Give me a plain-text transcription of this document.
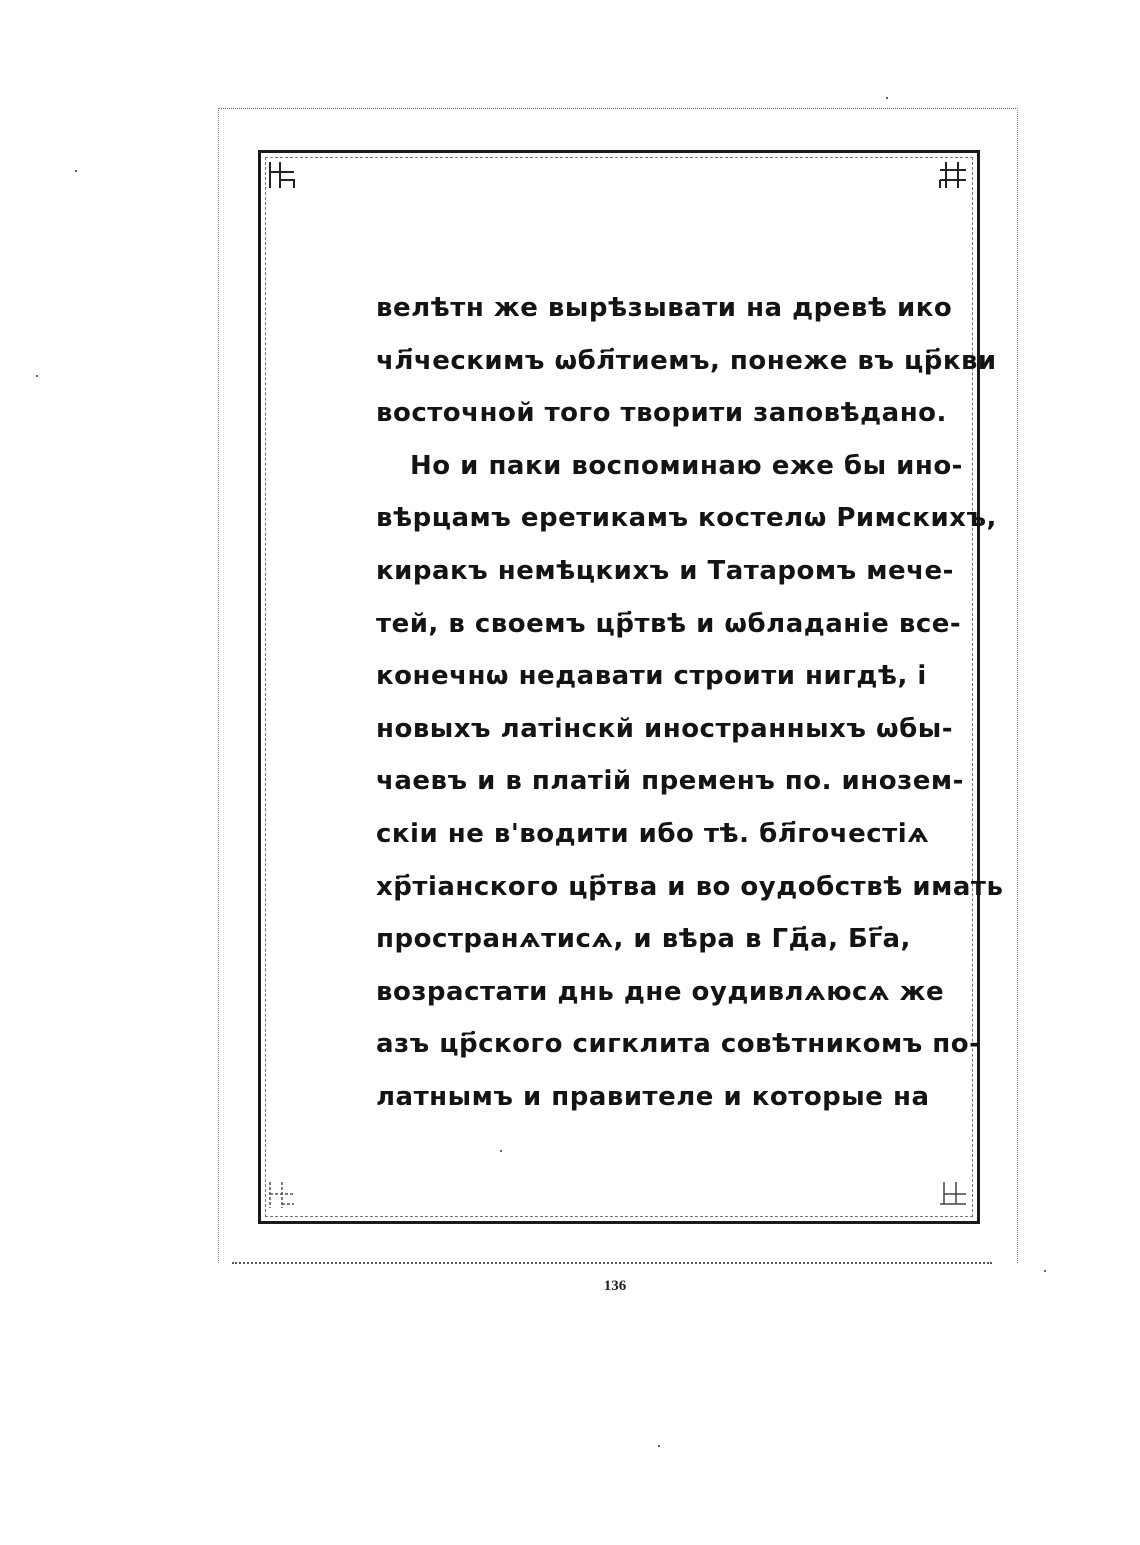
велѣтн же вырѣзывати на древѣ ико
чл҃ческимъ ѡбл҃тиемъ, понеже въ цр҃кви
восточной того творити заповѣдано.
Но и паки воспоминаю еже бы ино-
вѣрцамъ еретикамъ костелѡ Римскихъ,
киракъ немѣцкихъ и Татаромъ мече-
тей, в своемъ цр҃твѣ и ѡбладаніе все-
конечнѡ недавати строити нигдѣ, і
новыхъ латінскй иностранныхъ ѡбы-
чаевъ и в платій пременъ по. инозем-
скіи не в'водити ибо тѣ. бл҃гочестіѧ
хр҃тіанского цр҃тва и во оудобствѣ имать
пространѧтисѧ, и вѣра в Гд҃а, Бг҃а,
возрастати днь дне оудивлѧюсѧ же
азъ цр҃ского сигклита совѣтникомъ по-
латнымъ и правителе и которые на
136
